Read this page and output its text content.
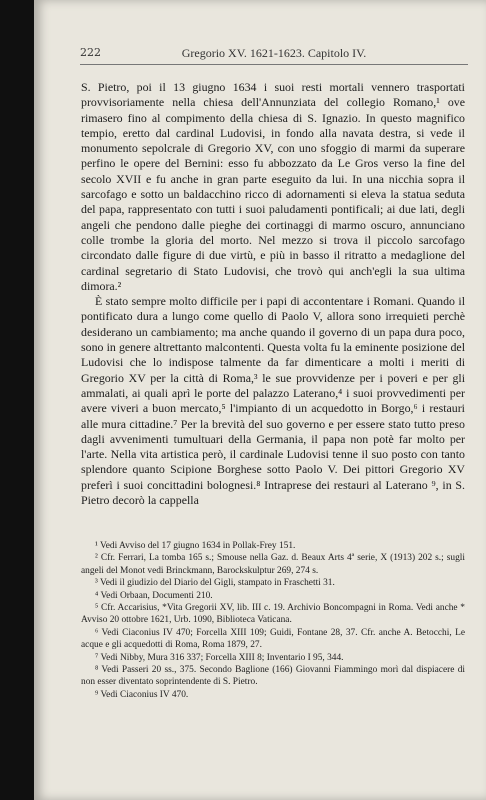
222	Gregorio XV. 1621-1623. Capitolo IV.

S. Pietro, poi il 13 giugno 1634 i suoi resti mortali vennero trasportati provvisoriamente nella chiesa dell'Annunziata del collegio Romano,¹ ove rimasero fino al compimento della chiesa di S. Ignazio. In questo magnifico tempio, eretto dal cardinal Ludovisi, in fondo alla navata destra, si vede il monumento sepolcrale di Gregorio XV, con uno sfoggio di marmi da superare perfino le opere del Bernini: esso fu abbozzato da Le Gros verso la fine del secolo XVII e fu anche in gran parte eseguito da lui. In una nicchia sopra il sarcofago e sotto un baldacchino ricco di adornamenti si eleva la statua seduta del papa, rappresentato con tutti i suoi paludamenti pontificali; ai due lati, degli angeli che pendono dalle pieghe dei cortinaggi di marmo oscuro, annunciano colle trombe la gloria del morto. Nel mezzo si trova il piccolo sarcofago circondato dalle figure di due virtù, e più in basso il ritratto a medaglione del cardinal segretario di Stato Ludovisi, che trovò qui anch'egli la sua ultima dimora.²

È stato sempre molto difficile per i papi di accontentare i Romani. Quando il pontificato dura a lungo come quello di Paolo V, allora sono irrequieti perchè desiderano un cambiamento; ma anche quando il governo di un papa dura poco, sono in genere altrettanto malcontenti. Questa volta fu la eminente posizione del Ludovisi che lo indispose talmente da far dimenticare a molti i meriti di Gregorio XV per la città di Roma,³ le sue provvidenze per i poveri e per gli ammalati, ai quali aprì le porte del palazzo Laterano,⁴ i suoi provvedimenti per avere viveri a buon mercato,⁵ l'impianto di un acquedotto in Borgo,⁶ i restauri alle mura cittadine.⁷ Per la brevità del suo governo e per essere stato tutto preso dagli avvenimenti tumultuari della Germania, il papa non potè far molto per l'arte. Nella vita artistica però, il cardinale Ludovisi tenne il suo posto con tanto splendore quanto Scipione Borghese sotto Paolo V. Dei pittori Gregorio XV preferì i suoi concittadini bolognesi.⁸ Intraprese dei restauri al Laterano ⁹, in S. Pietro decorò la cappella

¹ Vedi Avviso del 17 giugno 1634 in Pollak-Frey 151.
² Cfr. Ferrari, La tomba 165 s.; Smouse nella Gaz. d. Beaux Arts 4ª serie, X (1913) 202 s.; sugli angeli del Monot vedi Brinckmann, Barockskulptur 269, 274 s.
³ Vedi il giudizio del Diario del Gigli, stampato in Fraschetti 31.
⁴ Vedi Orbaan, Documenti 210.
⁵ Cfr. Accarisius, *Vita Gregorii XV, lib. III c. 19. Archivio Boncompagni in Roma. Vedi anche * Avviso 20 ottobre 1621, Urb. 1090, Biblioteca Vaticana.
⁶ Vedi Ciaconius IV 470; Forcella XIII 109; Guidi, Fontane 28, 37. Cfr. anche A. Betocchi, Le acque e gli acquedotti di Roma, Roma 1879, 27.
⁷ Vedi Nibby, Mura 316 337; Forcella XIII 8; Inventario I 95, 344.
⁸ Vedi Passeri 20 ss., 375. Secondo Baglione (166) Giovanni Fiammingo morì dal dispiacere di non esser diventato soprintendente di S. Pietro.
⁹ Vedi Ciaconius IV 470.
